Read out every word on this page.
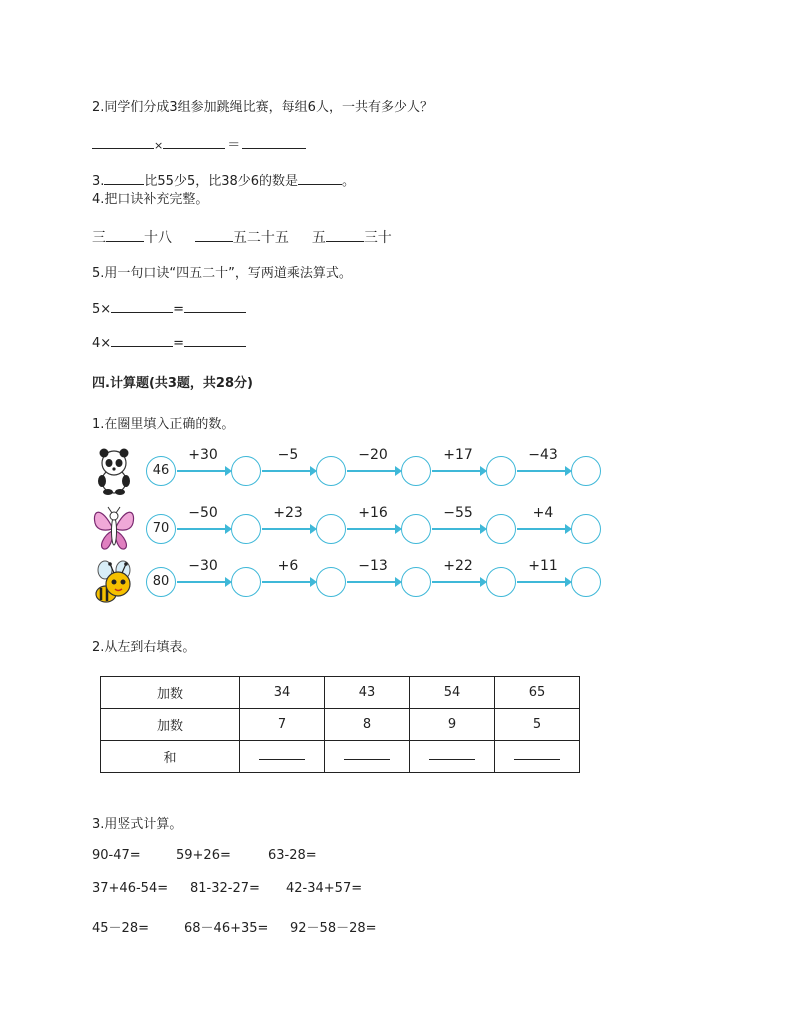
2.同学们分成3组参加跳绳比赛，每组6人，一共有多少人？
×	＝
3.	比55少5，比38少6的数是	。
4.把口诀补充完整。
三	十八	五二十五 五	三十
5.用一句口诀“四五二十”，写两道乘法算式。
5×	=
4×	=
四.计算题(共3题，共28分)
1.在圈里填入正确的数。
46
+30	−5	−20	+17	−43
70
−50	+23	+16	−55	+4
80
−30	+6	−13	+22	+11
2.从左到右填表。
加数	34	43	54	65
加数	7	8	9	5
和				
3.用竖式计算。
90-47=	59+26=	63-28=
37+46-54= 81-32-27= 42-34+57=
45－28=	68－46+35= 92－58－28=
